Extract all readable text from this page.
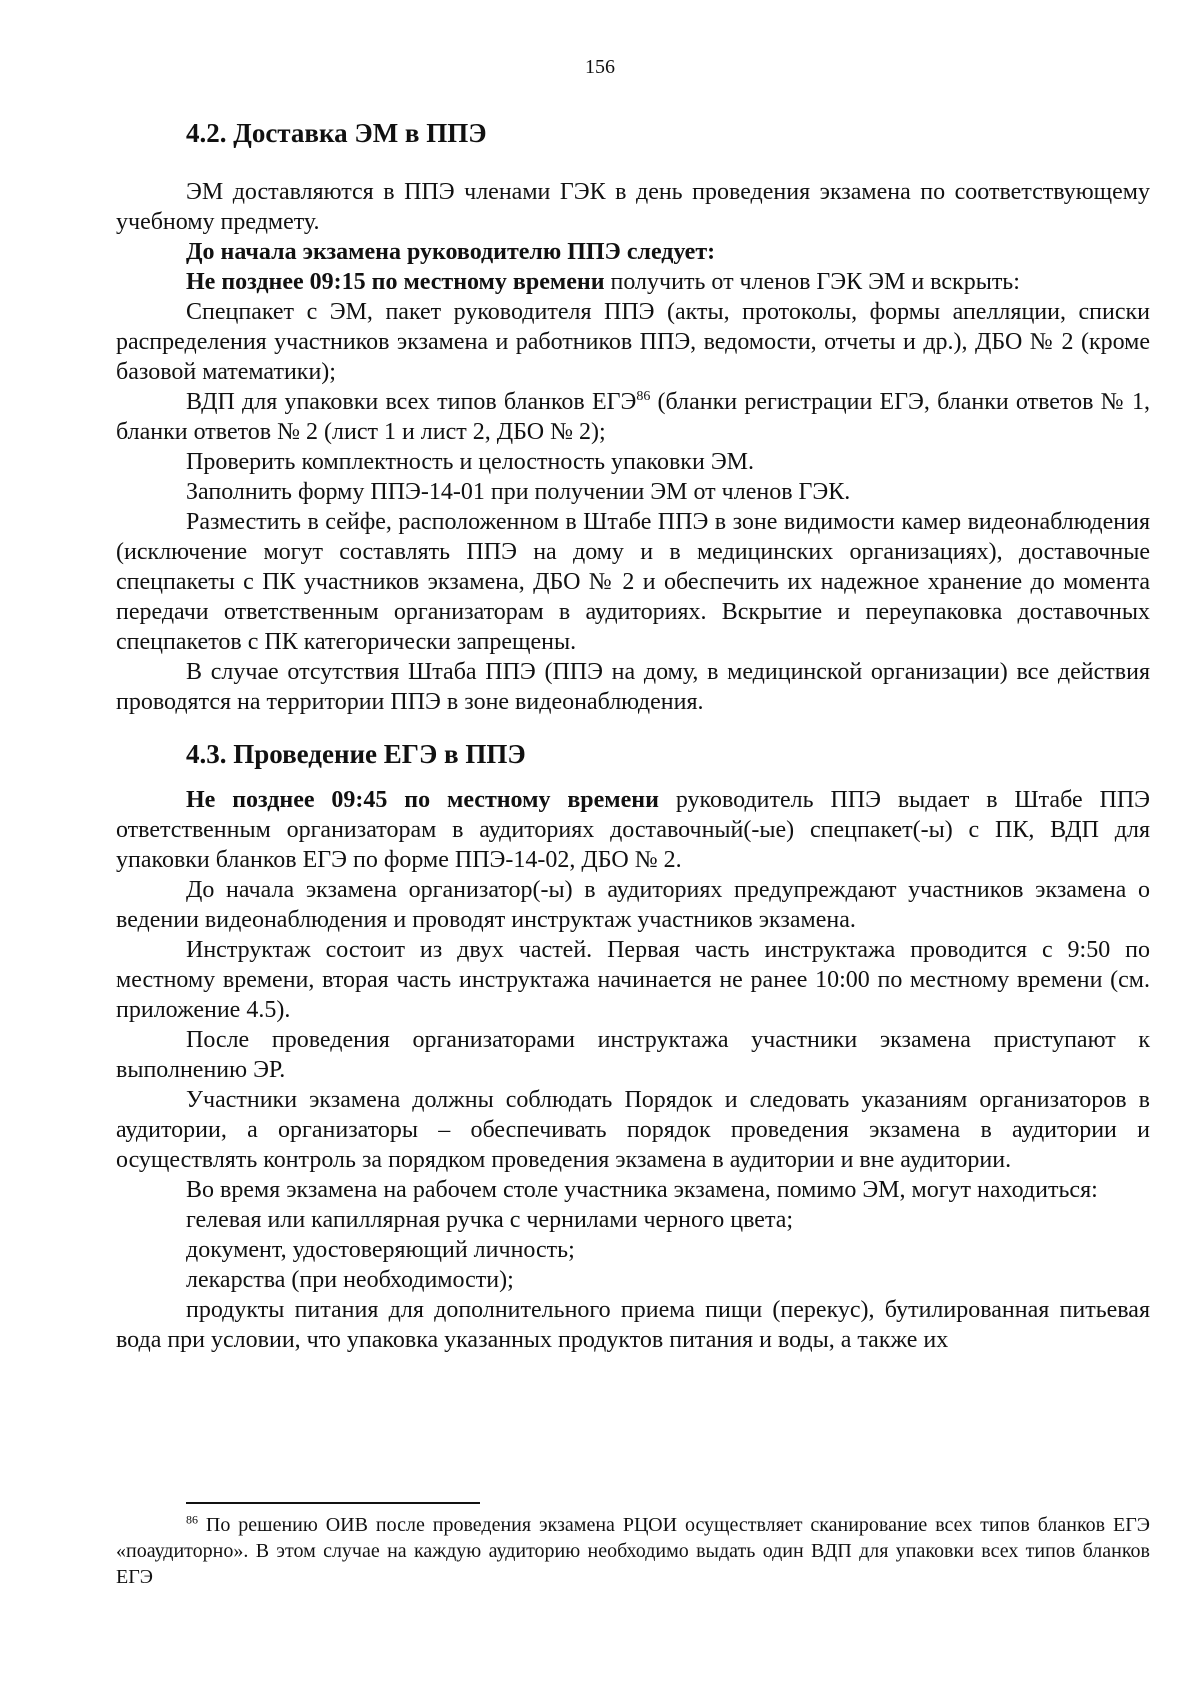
156
4.2. Доставка ЭМ в ППЭ

ЭМ доставляются в ППЭ членами ГЭК в день проведения экзамена по соответствующему учебному предмету.

До начала экзамена руководителю ППЭ следует:

Не позднее 09:15 по местному времени получить от членов ГЭК ЭМ и вскрыть:

Спецпакет с ЭМ, пакет руководителя ППЭ (акты, протоколы, формы апелляции, списки распределения участников экзамена и работников ППЭ, ведомости, отчеты и др.), ДБО № 2 (кроме базовой математики);

ВДП для упаковки всех типов бланков ЕГЭ$^{86}$ (бланки регистрации ЕГЭ, бланки ответов № 1, бланки ответов № 2 (лист 1 и лист 2, ДБО № 2);

Проверить комплектность и целостность упаковки ЭМ.

Заполнить форму ППЭ-14-01 при получении ЭМ от членов ГЭК.

Разместить в сейфе, расположенном в Штабе ППЭ в зоне видимости камер видеонаблюдения (исключение могут составлять ППЭ на дому и в медицинских организациях), доставочные спецпакеты с ПК участников экзамена, ДБО № 2 и обеспечить их надежное хранение до момента передачи ответственным организаторам в аудиториях. Вскрытие и переупаковка доставочных спецпакетов с ПК категорически запрещены.

В случае отсутствия Штаба ППЭ (ППЭ на дому, в медицинской организации) все действия проводятся на территории ППЭ в зоне видеонаблюдения.

4.3. Проведение ЕГЭ в ППЭ

Не позднее 09:45 по местному времени руководитель ППЭ выдает в Штабе ППЭ ответственным организаторам в аудиториях доставочный(-ые) спецпакет(-ы) с ПК, ВДП для упаковки бланков ЕГЭ по форме ППЭ-14-02, ДБО № 2.

До начала экзамена организатор(-ы) в аудиториях предупреждают участников экзамена о ведении видеонаблюдения и проводят инструктаж участников экзамена.

Инструктаж состоит из двух частей. Первая часть инструктажа проводится с 9:50 по местному времени, вторая часть инструктажа начинается не ранее 10:00 по местному времени (см. приложение 4.5).

После проведения организаторами инструктажа участники экзамена приступают к выполнению ЭР.

Участники экзамена должны соблюдать Порядок и следовать указаниям организаторов в аудитории, а организаторы – обеспечивать порядок проведения экзамена в аудитории и осуществлять контроль за порядком проведения экзамена в аудитории и вне аудитории.

Во время экзамена на рабочем столе участника экзамена, помимо ЭМ, могут находиться:

гелевая или капиллярная ручка с чернилами черного цвета;

документ, удостоверяющий личность;

лекарства (при необходимости);

продукты питания для дополнительного приема пищи (перекус), бутилированная питьевая вода при условии, что упаковка указанных продуктов питания и воды, а также их

$^{86}$ По решению ОИВ после проведения экзамена РЦОИ осуществляет сканирование всех типов бланков ЕГЭ «поаудиторно». В этом случае на каждую аудиторию необходимо выдать один ВДП для упаковки всех типов бланков ЕГЭ
